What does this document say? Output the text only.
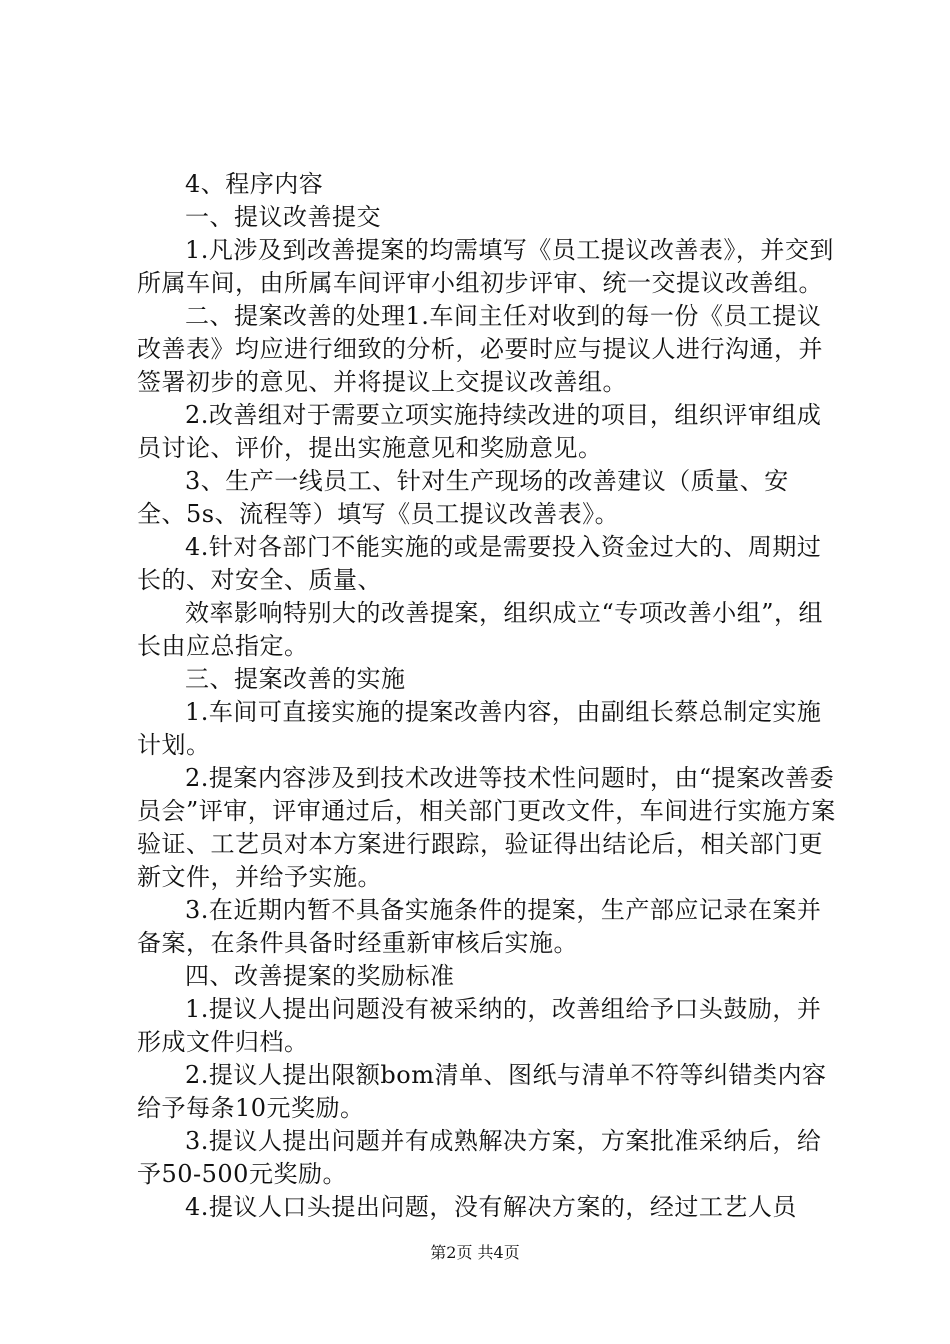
4、程序内容

一、提议改善提交

1.凡涉及到改善提案的均需填写《员工提议改善表》，并交到所属车间，由所属车间评审小组初步评审、统一交提议改善组。

二、提案改善的处理1.车间主任对收到的每一份《员工提议改善表》均应进行细致的分析，必要时应与提议人进行沟通，并签署初步的意见、并将提议上交提议改善组。

2.改善组对于需要立项实施持续改进的项目，组织评审组成员讨论、评价，提出实施意见和奖励意见。

3、生产一线员工、针对生产现场的改善建议（质量、安全、5s、流程等）填写《员工提议改善表》。

4.针对各部门不能实施的或是需要投入资金过大的、周期过长的、对安全、质量、

效率影响特别大的改善提案，组织成立“专项改善小组”，组长由应总指定。

三、提案改善的实施

1.车间可直接实施的提案改善内容，由副组长蔡总制定实施计划。

2.提案内容涉及到技术改进等技术性问题时，由“提案改善委员会”评审，评审通过后，相关部门更改文件，车间进行实施方案验证、工艺员对本方案进行跟踪，验证得出结论后，相关部门更新文件，并给予实施。

3.在近期内暂不具备实施条件的提案，生产部应记录在案并备案，在条件具备时经重新审核后实施。

四、改善提案的奖励标准

1.提议人提出问题没有被采纳的，改善组给予口头鼓励，并形成文件归档。

2.提议人提出限额bom清单、图纸与清单不符等纠错类内容给予每条10元奖励。

3.提议人提出问题并有成熟解决方案，方案批准采纳后，给予50-500元奖励。

4.提议人口头提出问题，没有解决方案的，经过工艺人员

第2页 共4页
